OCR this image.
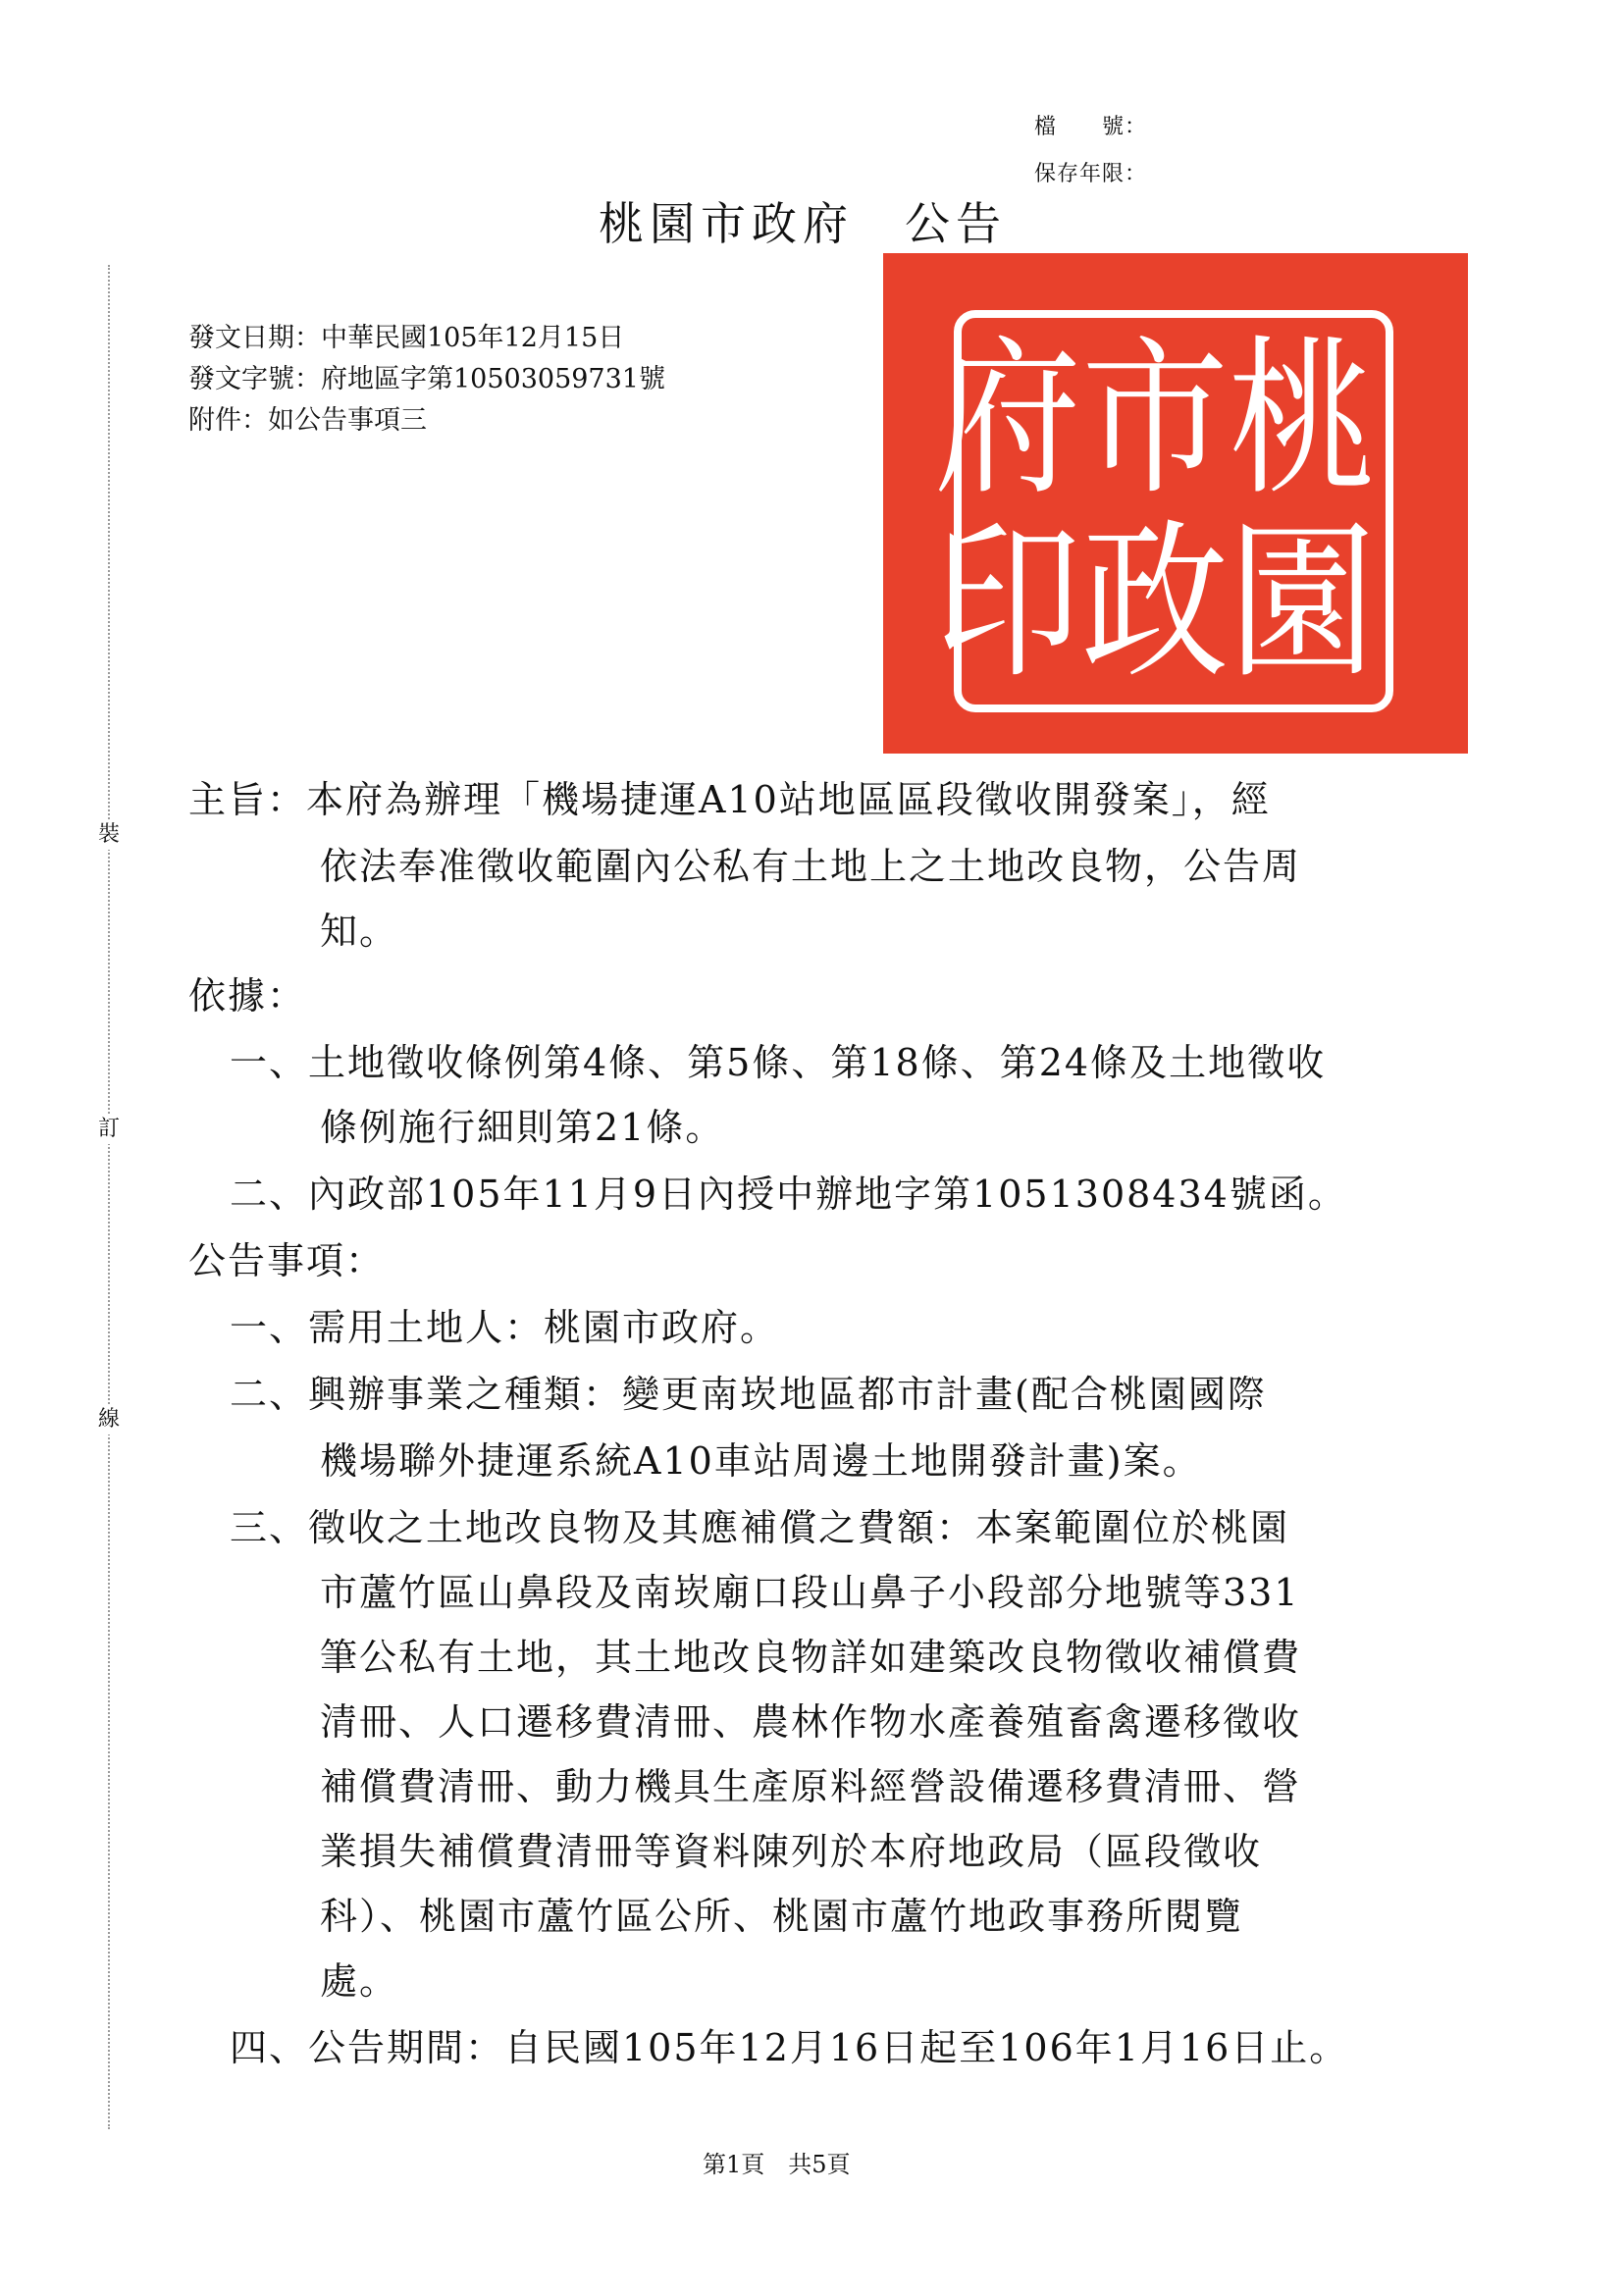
檔　　號：
保存年限：
桃園市政府　公告
裝
訂
線
發文日期：中華民國105年12月15日
發文字號：府地區字第10503059731號
附件：如公告事項三	桃
園
市
政
府
印
主旨：本府為辦理「機場捷運A10站地區區段徵收開發案」，經
依法奉准徵收範圍內公私有土地上之土地改良物，公告周
知。
依據：
一、土地徵收條例第4條、第5條、第18條、第24條及土地徵收
條例施行細則第21條。
二、內政部105年11月9日內授中辦地字第1051308434號函。
公告事項：
一、需用土地人：桃園市政府。
二、興辦事業之種類：變更南崁地區都市計畫(配合桃園國際
機場聯外捷運系統A10車站周邊土地開發計畫)案。
三、徵收之土地改良物及其應補償之費額：本案範圍位於桃園
市蘆竹區山鼻段及南崁廟口段山鼻子小段部分地號等331
筆公私有土地，其土地改良物詳如建築改良物徵收補償費
清冊、人口遷移費清冊、農林作物水產養殖畜禽遷移徵收
補償費清冊、動力機具生產原料經營設備遷移費清冊、營
業損失補償費清冊等資料陳列於本府地政局（區段徵收
科）、桃園市蘆竹區公所、桃園市蘆竹地政事務所閱覽
處。
四、公告期間：自民國105年12月16日起至106年1月16日止。
第1頁　共5頁
